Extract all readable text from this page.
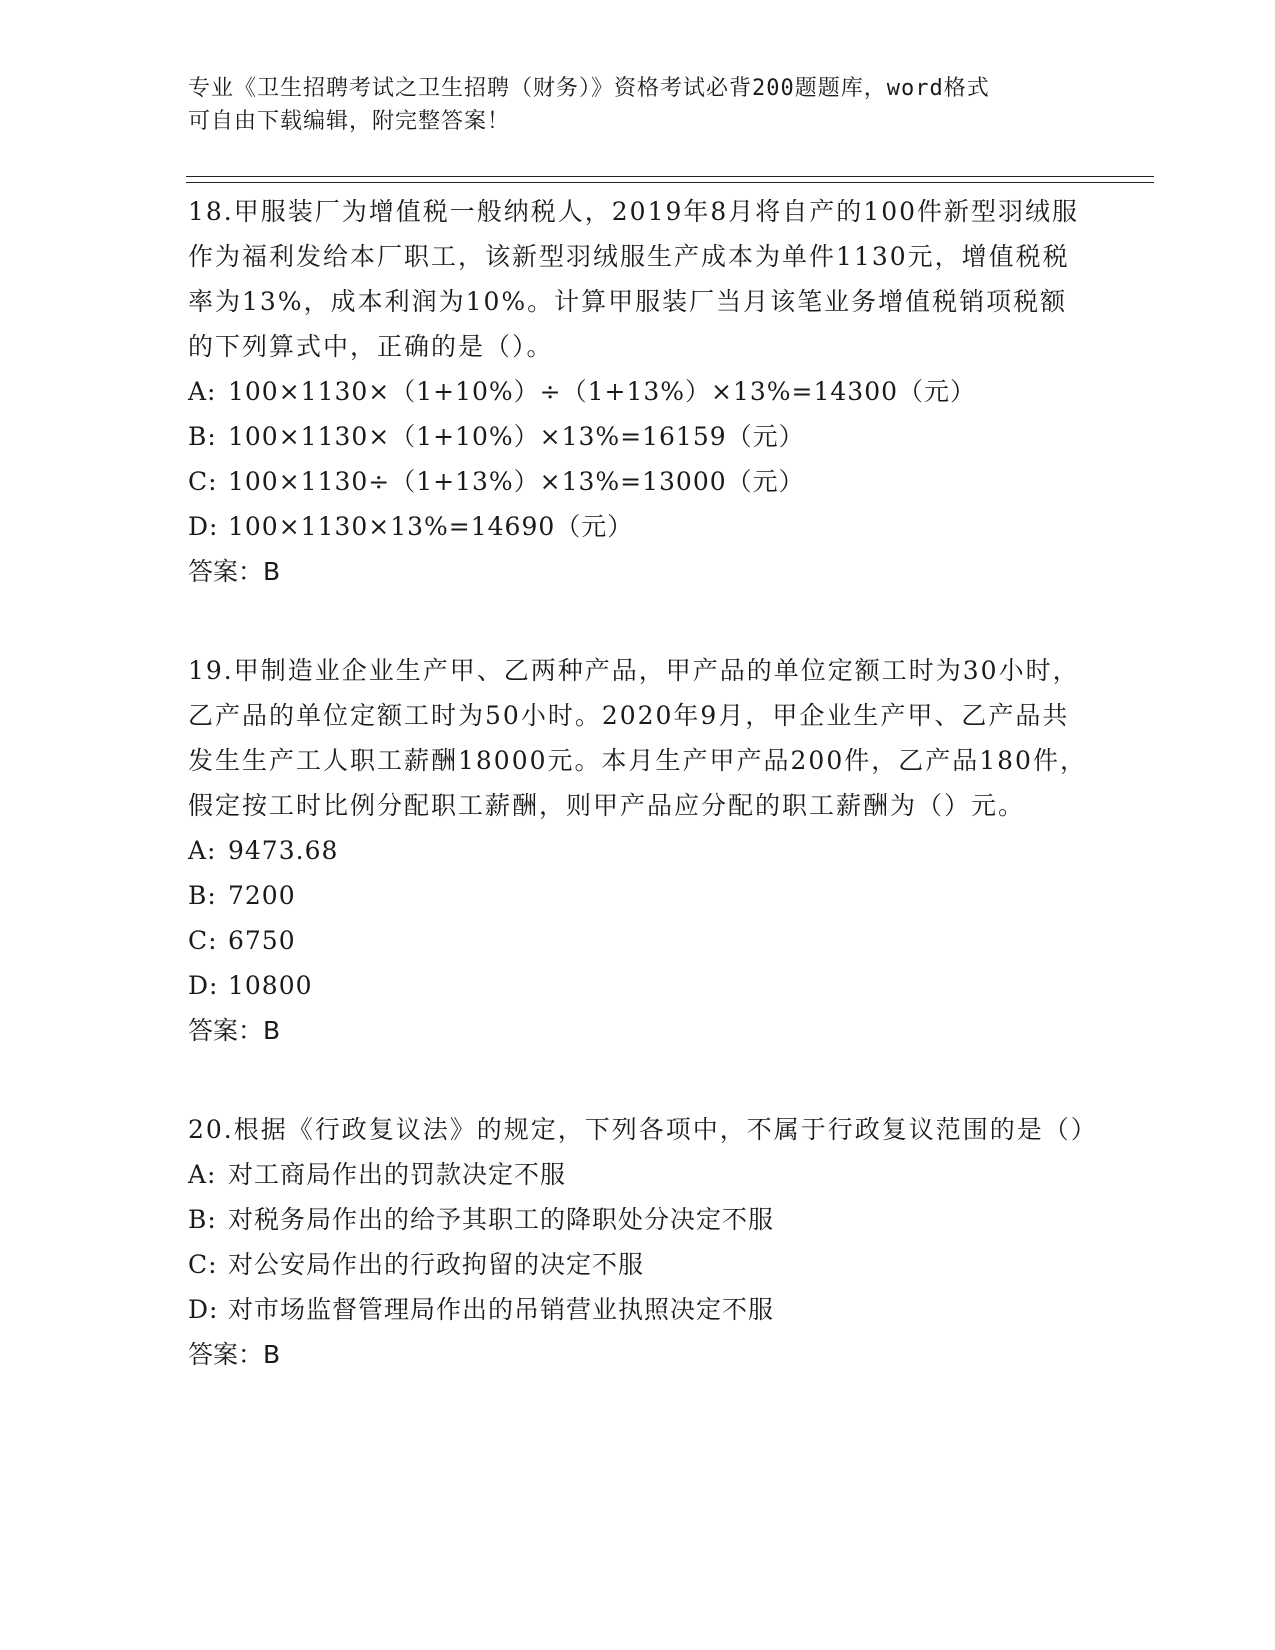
专业《卫生招聘考试之卫生招聘（财务）》资格考试必背200题题库，word格式
可自由下载编辑，附完整答案！

18.甲服装厂为增值税一般纳税人，2019年8月将自产的100件新型羽绒服作为福利发给本厂职工，该新型羽绒服生产成本为单件1130元，增值税税率为13%，成本利润为10%。计算甲服装厂当月该笔业务增值税销项税额的下列算式中，正确的是（）。

A: 100×1130×（1+10%）÷（1+13%）×13%=14300（元）

B: 100×1130×（1+10%）×13%=16159（元）

C: 100×1130÷（1+13%）×13%=13000（元）

D: 100×1130×13%=14690（元）

答案：B

19.甲制造业企业生产甲、乙两种产品，甲产品的单位定额工时为30小时，乙产品的单位定额工时为50小时。2020年9月，甲企业生产甲、乙产品共发生生产工人职工薪酬18000元。本月生产甲产品200件，乙产品180件，假定按工时比例分配职工薪酬，则甲产品应分配的职工薪酬为（）元。

A: 9473.68

B: 7200

C: 6750

D: 10800

答案：B

20.根据《行政复议法》的规定，下列各项中，不属于行政复议范围的是（）

A: 对工商局作出的罚款决定不服

B: 对税务局作出的给予其职工的降职处分决定不服

C: 对公安局作出的行政拘留的决定不服

D: 对市场监督管理局作出的吊销营业执照决定不服

答案：B
